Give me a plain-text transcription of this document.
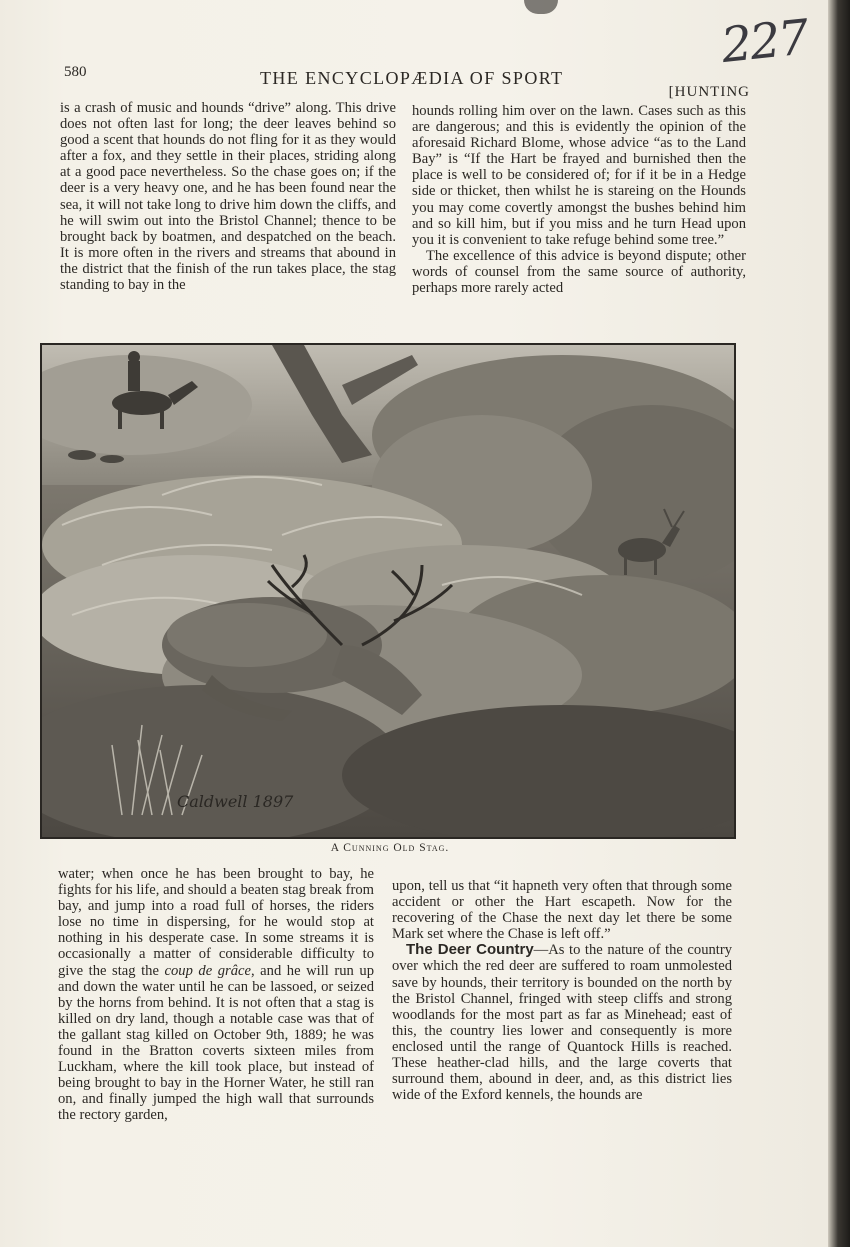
227
580	THE ENCYCLOPÆDIA OF SPORT
[HUNTING

is a crash of music and hounds “drive” along. This drive does not often last for long; the deer leaves behind so good a scent that hounds do not fling for it as they would after a fox, and they settle in their places, striding along at a good pace nevertheless. So the chase goes on; if the deer is a very heavy one, and he has been found near the sea, it will not take long to drive him down the cliffs, and he will swim out into the Bristol Channel; thence to be brought back by boatmen, and despatched on the beach. It is more often in the rivers and streams that abound in the district that the finish of the run takes place, the stag standing to bay in the

hounds rolling him over on the lawn. Cases such as this are dangerous; and this is evidently the opinion of the aforesaid Richard Blome, whose advice “as to the Land Bay” is “If the Hart be frayed and burnished then the place is well to be considered of; for if it be in a Hedge side or thicket, then whilst he is stareing on the Hounds you may come covertly amongst the bushes behind him and so kill him, but if you miss and he turn Head upon you it is convenient to take refuge behind some tree.”

The excellence of this advice is beyond dispute; other words of counsel from the same source of authority, perhaps more rarely acted

Caldwell 1897
A Cunning Old Stag.

water; when once he has been brought to bay, he fights for his life, and should a beaten stag break from bay, and jump into a road full of horses, the riders lose no time in dispersing, for he would stop at nothing in his desperate case. In some streams it is occasionally a matter of considerable difficulty to give the stag the coup de grâce, and he will run up and down the water until he can be lassoed, or seized by the horns from behind. It is not often that a stag is killed on dry land, though a notable case was that of the gallant stag killed on October 9th, 1889; he was found in the Bratton coverts sixteen miles from Luckham, where the kill took place, but instead of being brought to bay in the Horner Water, he still ran on, and finally jumped the high wall that surrounds the rectory garden,

upon, tell us that “it hapneth very often that through some accident or other the Hart escapeth. Now for the recovering of the Chase the next day let there be some Mark set where the Chase is left off.”

The Deer Country—As to the nature of the country over which the red deer are suffered to roam unmolested save by hounds, their territory is bounded on the north by the Bristol Channel, fringed with steep cliffs and strong woodlands for the most part as far as Minehead; east of this, the country lies lower and consequently is more enclosed until the range of Quantock Hills is reached. These heather-clad hills, and the large coverts that surround them, abound in deer, and, as this district lies wide of the Exford kennels, the hounds are
